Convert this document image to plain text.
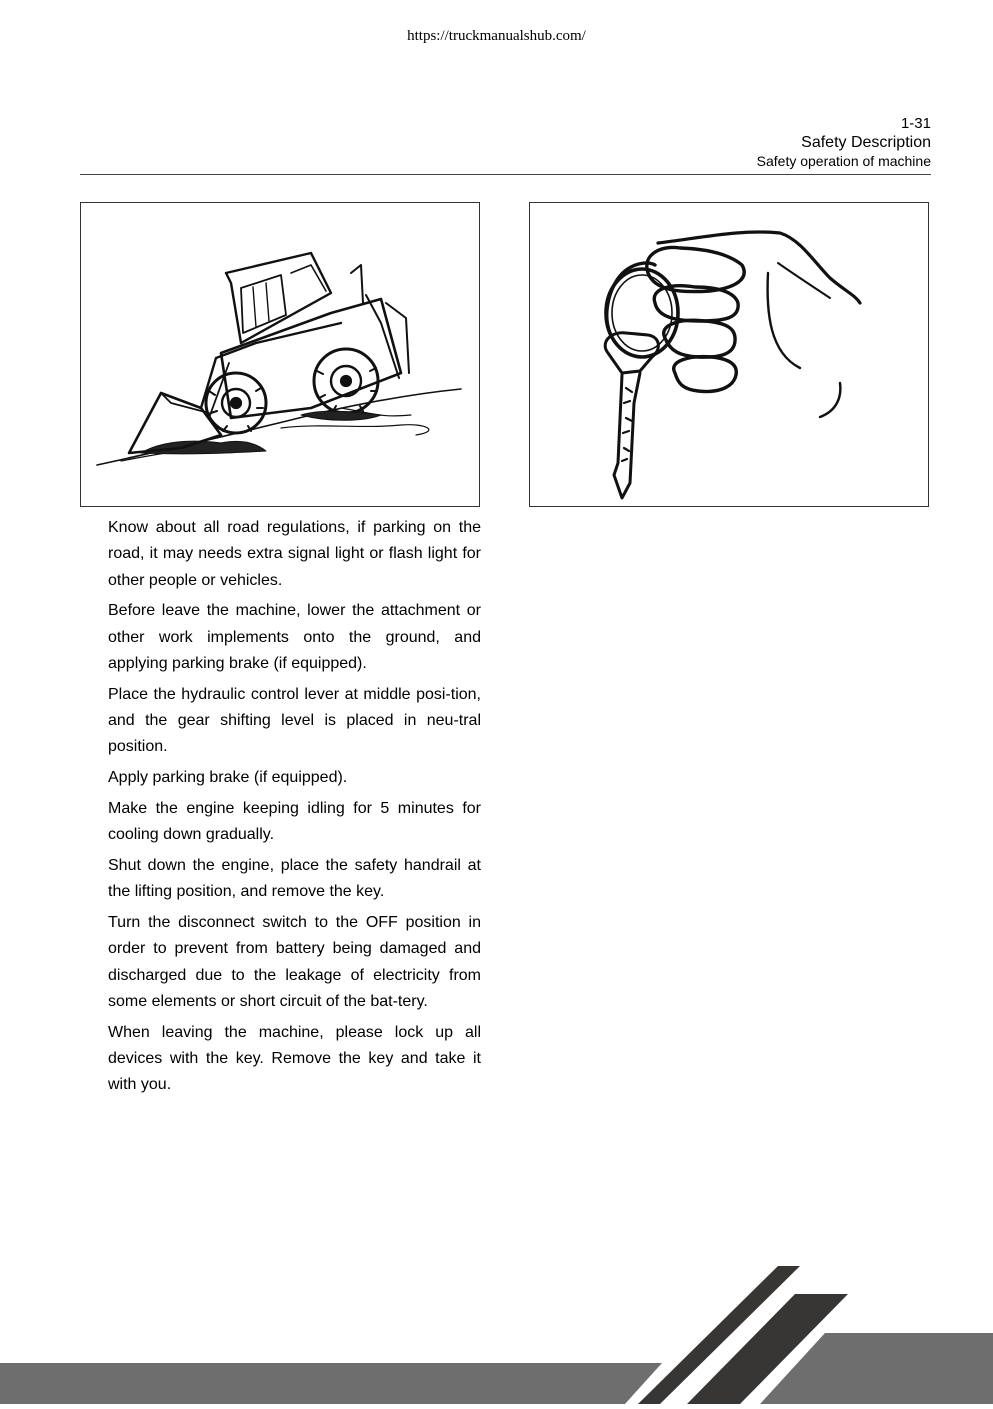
https://truckmanualshub.com/
1-31
Safety Description
Safety operation of machine

Know about all road regulations, if parking on the road, it may needs extra signal light or flash light for other people or vehicles.

Before leave the machine, lower the attachment or other work implements onto the ground, and applying parking brake (if equipped).

Place the hydraulic control lever at middle posi-tion, and the gear shifting level is placed in neu-tral position.

Apply parking brake (if equipped).

Make the engine keeping idling for 5 minutes for cooling down gradually.

Shut down the engine, place the safety handrail at the lifting position, and remove the key.

Turn the disconnect switch to the OFF position in order to prevent from battery being damaged and discharged due to the leakage of electricity from some elements or short circuit of the bat-tery.

When leaving the machine, please lock up all devices with the key. Remove the key and take it with you.
